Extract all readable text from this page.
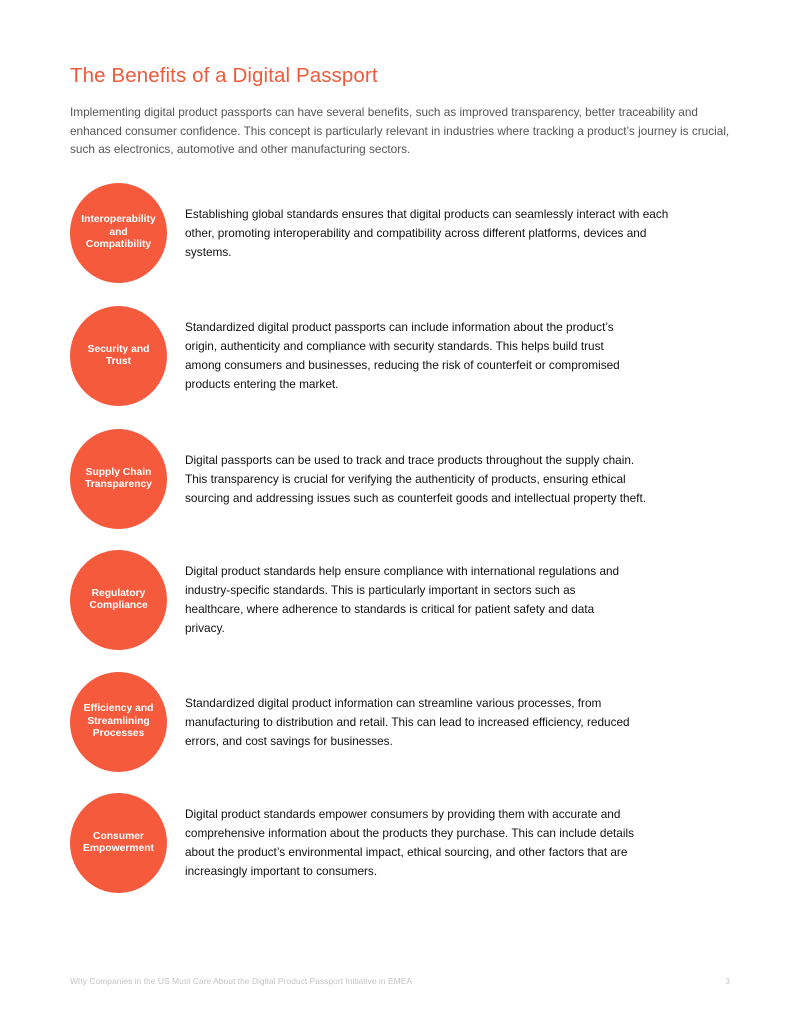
The Benefits of a Digital Passport

Implementing digital product passports can have several benefits, such as improved transparency, better traceability and enhanced consumer confidence. This concept is particularly relevant in industries where tracking a product’s journey is crucial, such as electronics, automotive and other manufacturing sectors.

Interoperability and Compatibility

Establishing global standards ensures that digital products can seamlessly interact with each other, promoting interoperability and compatibility across different platforms, devices and systems.

Security and Trust

Standardized digital product passports can include information about the product’s origin, authenticity and compliance with security standards. This helps build trust among consumers and businesses, reducing the risk of counterfeit or compromised products entering the market.

Supply Chain Transparency

Digital passports can be used to track and trace products throughout the supply chain. This transparency is crucial for verifying the authenticity of products, ensuring ethical sourcing and addressing issues such as counterfeit goods and intellectual property theft.

Regulatory Compliance

Digital product standards help ensure compliance with international regulations and industry-specific standards. This is particularly important in sectors such as healthcare, where adherence to standards is critical for patient safety and data privacy.

Efficiency and Streamlining Processes

Standardized digital product information can streamline various processes, from manufacturing to distribution and retail. This can lead to increased efficiency, reduced errors, and cost savings for businesses.

Consumer Empowerment

Digital product standards empower consumers by providing them with accurate and comprehensive information about the products they purchase. This can include details about the product’s environmental impact, ethical sourcing, and other factors that are increasingly important to consumers.

Why Companies in the US Must Care About the Digital Product Passport Initiative in EMEA	3
